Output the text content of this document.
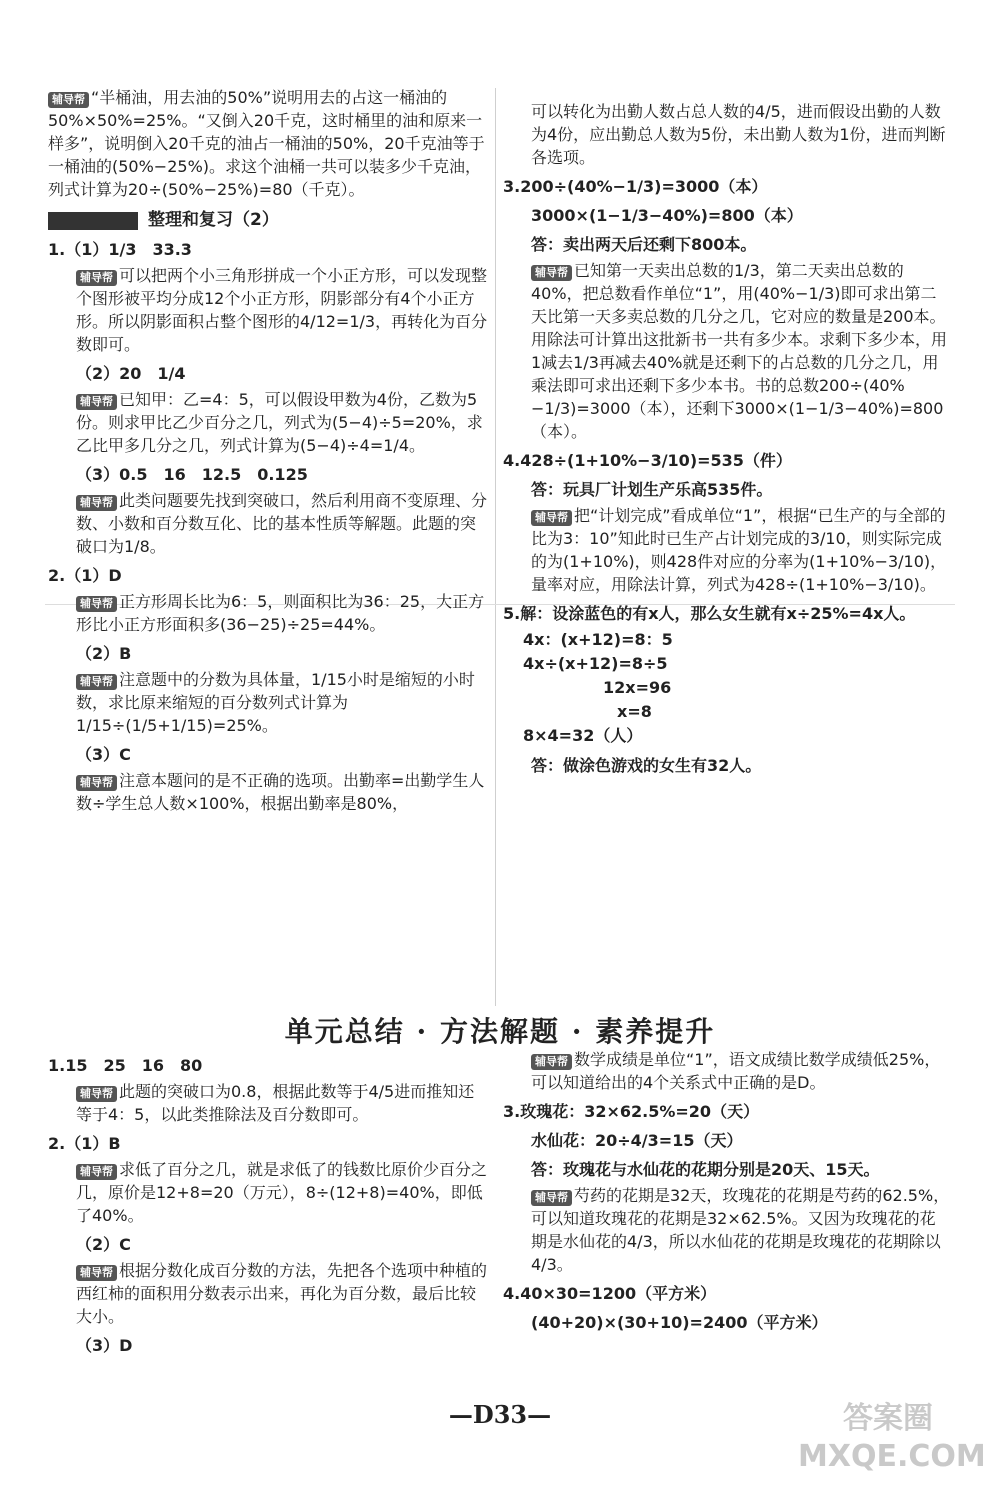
辅导帮 “半桶油，用去油的50%”说明用去的占这一桶油的50%×50%=25%。“又倒入20千克，这时桶里的油和原来一样多”，说明倒入20千克的油占一桶油的50%，20千克油等于一桶油的(50%−25%)。求这个油桶一共可以装多少千克油，列式计算为20÷(50%−25%)=80（千克）。

整理和复习（2）

1.（1）1/3　33.3

辅导帮 可以把两个小三角形拼成一个小正方形，可以发现整个图形被平均分成12个小正方形，阴影部分有4个小正方形。所以阴影面积占整个图形的4/12=1/3，再转化为百分数即可。

（2）20　1/4

辅导帮 已知甲：乙=4：5，可以假设甲数为4份，乙数为5份。则求甲比乙少百分之几，列式为(5−4)÷5=20%，求乙比甲多几分之几，列式计算为(5−4)÷4=1/4。

（3）0.5　16　12.5　0.125

辅导帮 此类问题要先找到突破口，然后利用商不变原理、分数、小数和百分数互化、比的基本性质等解题。此题的突破口为1/8。

2.（1）D

辅导帮 正方形周长比为6：5，则面积比为36：25，大正方形比小正方形面积多(36−25)÷25=44%。

（2）B

辅导帮 注意题中的分数为具体量，1/15小时是缩短的小时数，求比原来缩短的百分数列式计算为1/15÷(1/5+1/15)=25%。

（3）C

辅导帮 注意本题问的是不正确的选项。出勤率=出勤学生人数÷学生总人数×100%，根据出勤率是80%，

可以转化为出勤人数占总人数的4/5，进而假设出勤的人数为4份，应出勤总人数为5份，未出勤人数为1份，进而判断各选项。

3.200÷(40%−1/3)=3000（本）

3000×(1−1/3−40%)=800（本）

答：卖出两天后还剩下800本。

辅导帮 已知第一天卖出总数的1/3，第二天卖出总数的40%，把总数看作单位“1”，用(40%−1/3)即可求出第二天比第一天多卖总数的几分之几，它对应的数量是200本。用除法可计算出这批新书一共有多少本。求剩下多少本，用1减去1/3再减去40%就是还剩下的占总数的几分之几，用乘法即可求出还剩下多少本书。书的总数200÷(40%−1/3)=3000（本），还剩下3000×(1−1/3−40%)=800（本）。

4.428÷(1+10%−3/10)=535（件）

答：玩具厂计划生产乐高535件。

辅导帮 把“计划完成”看成单位“1”，根据“已生产的与全部的比为3：10”知此时已生产占计划完成的3/10，则实际完成的为(1+10%)，则428件对应的分率为(1+10%−3/10)，量率对应，用除法计算，列式为428÷(1+10%−3/10)。

5.解：设涂蓝色的有x人，那么女生就有x÷25%=4x人。

4x：(x+12)=8：5

4x÷(x+12)=8÷5

12x=96

x=8

8×4=32（人）

答：做涂色游戏的女生有32人。

单元总结 · 方法解题 · 素养提升

1.15　25　16　80

辅导帮 此题的突破口为0.8，根据此数等于4/5进而推知还等于4：5，以此类推除法及百分数即可。

2.（1）B

辅导帮 求低了百分之几，就是求低了的钱数比原价少百分之几，原价是12+8=20（万元），8÷(12+8)=40%，即低了40%。

（2）C

辅导帮 根据分数化成百分数的方法，先把各个选项中种植的西红柿的面积用分数表示出来，再化为百分数，最后比较大小。

（3）D

辅导帮 数学成绩是单位“1”，语文成绩比数学成绩低25%，可以知道给出的4个关系式中正确的是D。

3.玫瑰花：32×62.5%=20（天）

水仙花：20÷4/3=15（天）

答：玫瑰花与水仙花的花期分别是20天、15天。

辅导帮 芍药的花期是32天，玫瑰花的花期是芍药的62.5%，可以知道玫瑰花的花期是32×62.5%。又因为玫瑰花的花期是水仙花的4/3，所以水仙花的花期是玫瑰花的花期除以4/3。

4.40×30=1200（平方米）

(40+20)×(30+10)=2400（平方米）

—D33—	答案圈 MXQE.COM
